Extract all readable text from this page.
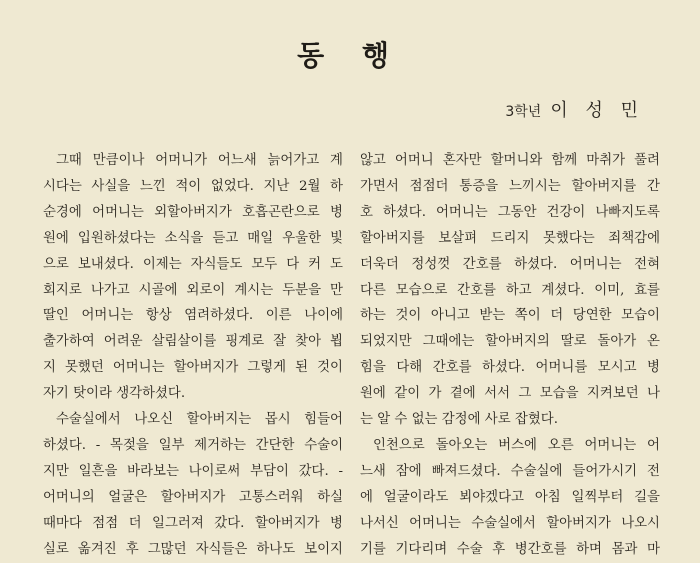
동 행
3학년 이 성 민
그때 만큼이나 어머니가 어느새 늙어가고 계
시다는 사실을 느낀 적이 없었다. 지난 2월 하
순경에 어머니는 외할아버지가 호흡곤란으로 병
원에 입원하셨다는 소식을 듣고 매일 우울한 빛
으로 보내셨다. 이제는 자식들도 모두 다 커 도
회지로 나가고 시골에 외로이 계시는 두분을 만
딸인 어머니는 항상 염려하셨다. 이른 나이에
출가하여 어려운 살림살이를 핑계로 잘 찾아 뵙
지 못했던 어머니는 할아버지가 그렇게 된 것이
자기 탓이라 생각하셨다.
수술실에서 나오신 할아버지는 몹시 힘들어
하셨다. - 목젖을 일부 제거하는 간단한 수술이
지만 일흔을 바라보는 나이로써 부담이 갔다. -
어머니의 얼굴은 할아버지가 고통스러워 하실
때마다 점점 더 일그러져 갔다. 할아버지가 병
실로 옮겨진 후 그많던 자식들은 하나도 보이지
않고 어머니 혼자만 할머니와 함께 마취가 풀려
가면서 점점더 통증을 느끼시는 할아버지를 간
호 하셨다. 어머니는 그동안 건강이 나빠지도록
할아버지를 보살펴 드리지 못했다는 죄책감에
더욱더 정성껏 간호를 하셨다. 어머니는 전혀
다른 모습으로 간호를 하고 계셨다. 이미, 효를
하는 것이 아니고 받는 쪽이 더 당연한 모습이
되었지만 그때에는 할아버지의 딸로 돌아가 온
힘을 다해 간호를 하셨다. 어머니를 모시고 병
원에 같이 가 곁에 서서 그 모습을 지켜보던 나
는 알 수 없는 감정에 사로 잡혔다.
인천으로 돌아오는 버스에 오른 어머니는 어
느새 잠에 빠져드셨다. 수술실에 들어가시기 전
에 얼굴이라도 뵈야겠다고 아침 일찍부터 길을
나서신 어머니는 수술실에서 할아버지가 나오시
기를 기다리며 수술 후 병간호를 하며 몸과 마
